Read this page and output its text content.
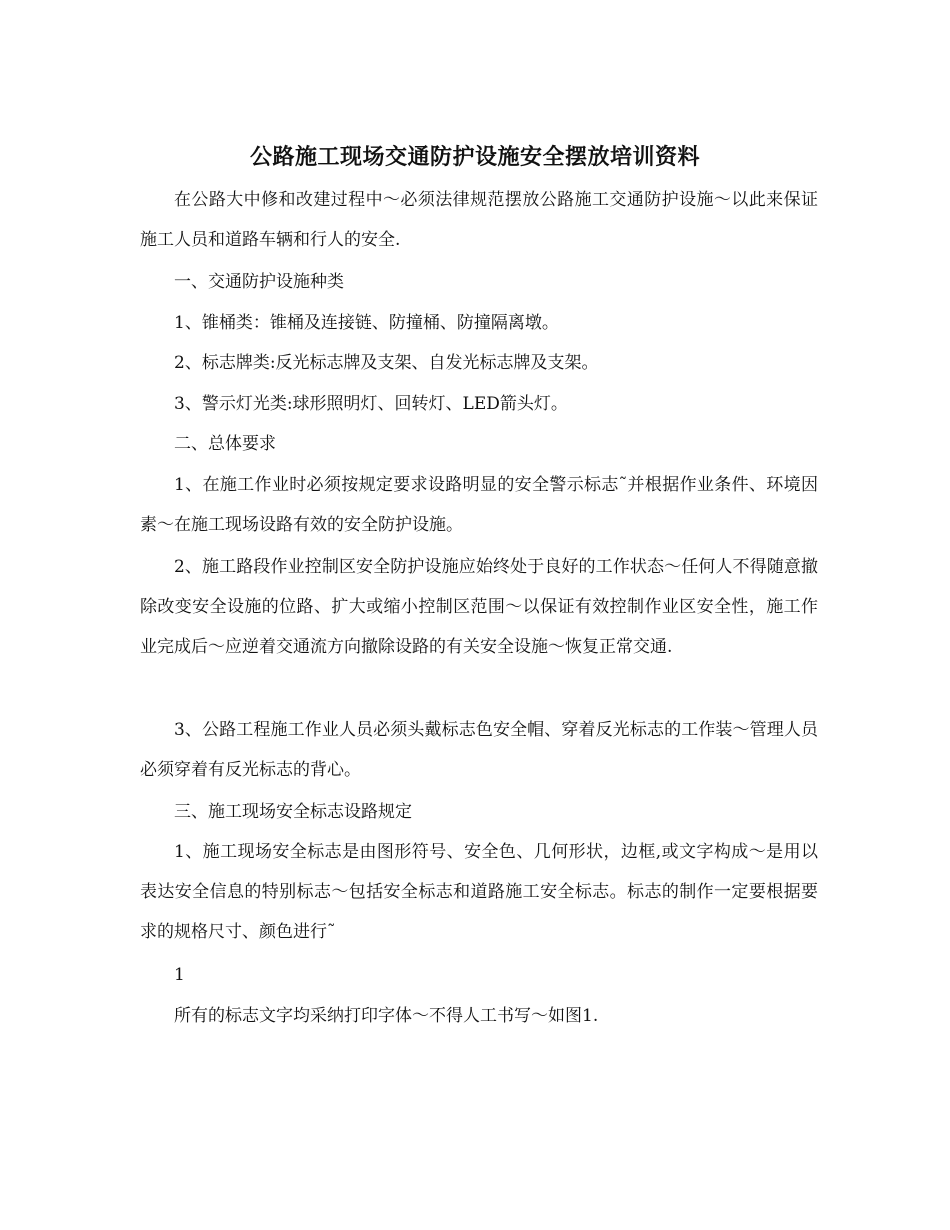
公路施工现场交通防护设施安全摆放培训资料

在公路大中修和改建过程中～必须法律规范摆放公路施工交通防护设施～以此来保证施工人员和道路车辆和行人的安全.

一、交通防护设施种类

1、锥桶类：锥桶及连接链、防撞桶、防撞隔离墩。

2、标志牌类:反光标志牌及支架、自发光标志牌及支架。

3、警示灯光类:球形照明灯、回转灯、LED箭头灯。

二、总体要求

1、在施工作业时必须按规定要求设路明显的安全警示标志˜并根据作业条件、环境因素～在施工现场设路有效的安全防护设施。

2、施工路段作业控制区安全防护设施应始终处于良好的工作状态～任何人不得随意撤除改变安全设施的位路、扩大或缩小控制区范围～以保证有效控制作业区安全性，施工作业完成后～应逆着交通流方向撤除设路的有关安全设施～恢复正常交通.

3、公路工程施工作业人员必须头戴标志色安全帽、穿着反光标志的工作装～管理人员必须穿着有反光标志的背心。

三、施工现场安全标志设路规定

1、施工现场安全标志是由图形符号、安全色、几何形状，边框,或文字构成～是用以表达安全信息的特别标志～包括安全标志和道路施工安全标志。标志的制作一定要根据要求的规格尺寸、颜色进行˜

1

所有的标志文字均采纳打印字体～不得人工书写～如图1.
